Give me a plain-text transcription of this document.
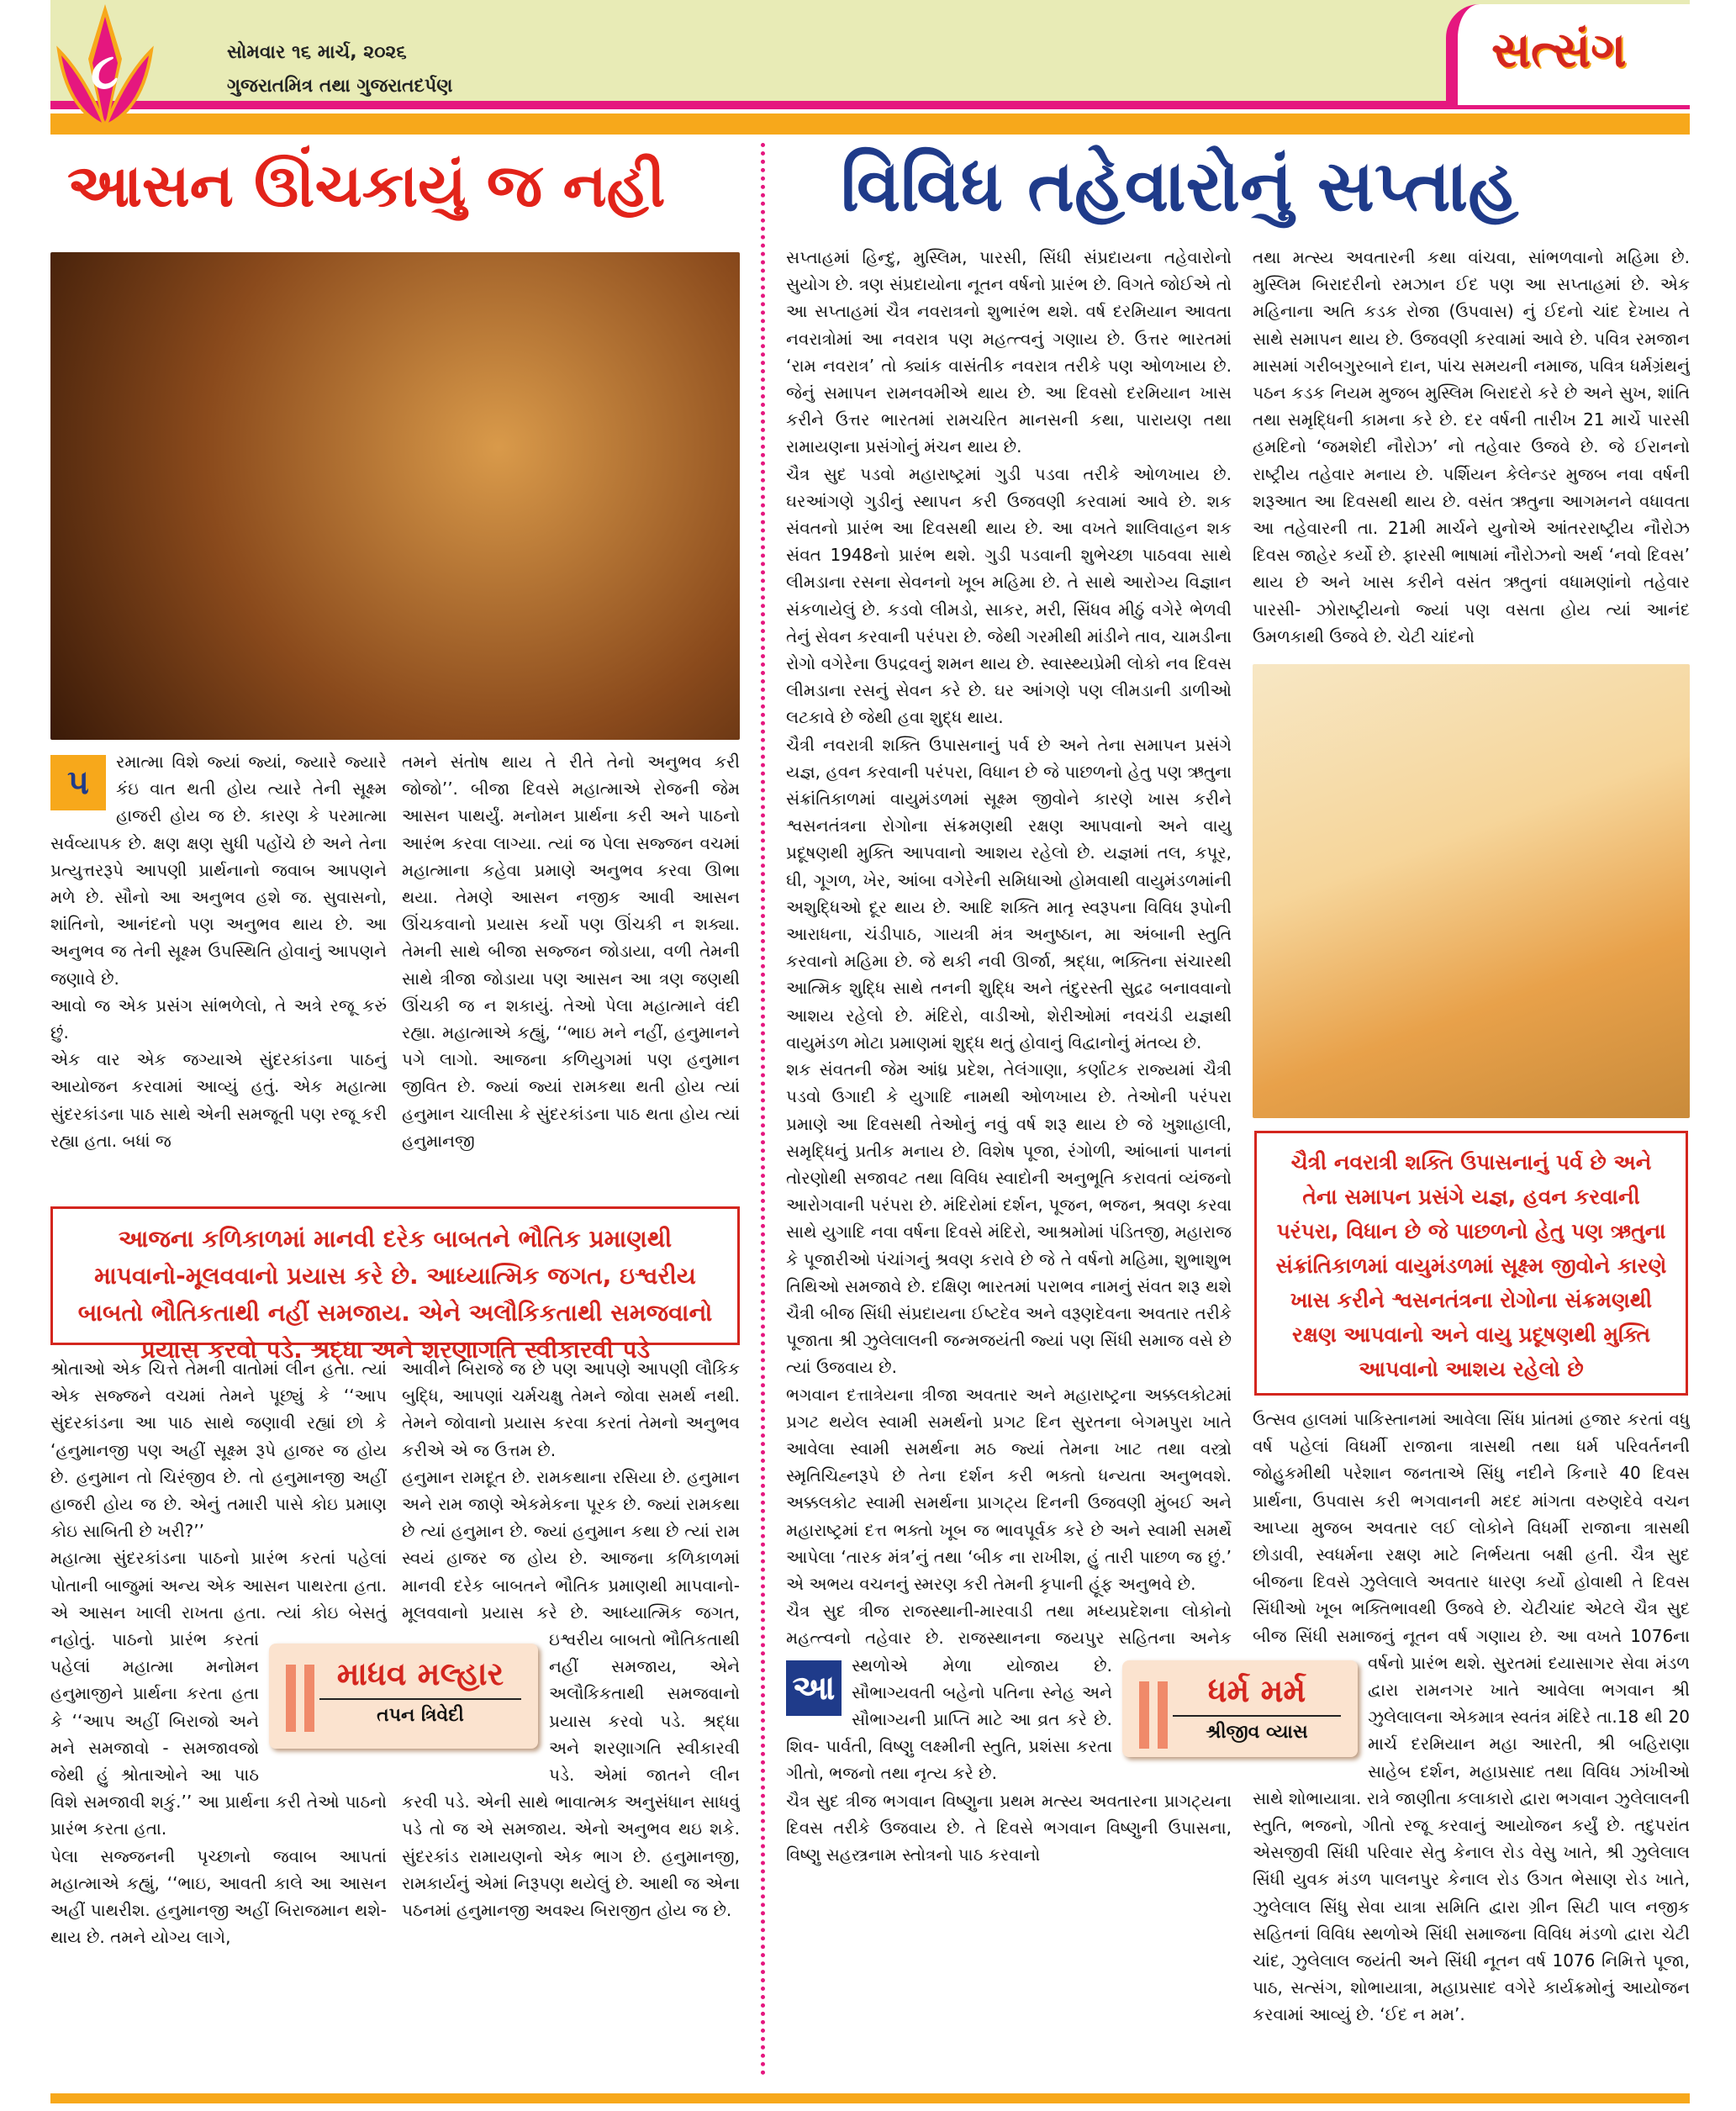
૮	સોમવાર ૧૬ માર્ચ, ૨૦૨૬
ગુજરાતમિત્ર તથા ગુજરાતદર્પણ
સત્સંગ
આસન ઊંચકાયું જ નહી
પ

રમાત્મા વિશે જ્યાં જ્યાં, જ્યારે જ્યારે કંઇ વાત થતી હોય ત્યારે તેની સૂક્ષ્મ હાજરી હોય જ છે. કારણ કે પરમાત્મા સર્વવ્યાપક છે. ક્ષણ ક્ષણ સુધી પહોંચે છે અને તેના પ્રત્યુત્તરરૂપે આપણી પ્રાર્થનાનો જવાબ આપણને મળે છે. સૌનો આ અનુભવ હશે જ. સુવાસનો, શાંતિનો, આનંદનો પણ અનુભવ થાય છે. આ અનુભવ જ તેની સૂક્ષ્મ ઉપસ્થિતિ હોવાનું આપણને જણાવે છે.

આવો જ એક પ્રસંગ સાંભળેલો, તે અત્રે રજૂ કરું છું.

એક વાર એક જગ્યાએ સુંદરકાંડના પાઠનું આયોજન કરવામાં આવ્યું હતું. એક મહાત્મા સુંદરકાંડના પાઠ સાથે એની સમજૂતી પણ રજૂ કરી રહ્યા હતા. બધાં જ

તમને સંતોષ થાય તે રીતે તેનો અનુભવ કરી જોજો’’. બીજા દિવસે મહાત્માએ રોજની જેમ આસન પાથર્યું. મનોમન પ્રાર્થના કરી અને પાઠનો આરંભ કરવા લાગ્યા. ત્યાં જ પેલા સજ્જન વચમાં મહાત્માના કહેવા પ્રમાણે અનુભવ કરવા ઊભા થયા. તેમણે આસન નજીક આવી આસન ઊંચકવાનો પ્રયાસ કર્યો પણ ઊંચકી ન શક્યા. તેમની સાથે બીજા સજ્જન જોડાયા, વળી તેમની સાથે ત્રીજા જોડાયા પણ આસન આ ત્રણ જણથી ઊંચકી જ ન શકાયું. તેઓ પેલા મહાત્માને વંદી રહ્યા. મહાત્માએ કહ્યું, ‘‘ભાઇ મને નહીં, હનુમાનને પગે લાગો. આજના કળિયુગમાં પણ હનુમાન જીવિત છે. જ્યાં જ્યાં રામકથા થતી હોય ત્યાં હનુમાન ચાલીસા કે સુંદરકાંડના પાઠ થતા હોય ત્યાં હનુમાનજી

આજના કળિકાળમાં માનવી દરેક બાબતને ભૌતિક પ્રમાણથી માપવાનો-મૂલવવાનો પ્રયાસ કરે છે. આધ્યાત્મિક જગત, ઇશ્વરીય બાબતો ભૌતિકતાથી નહીં સમજાય. એને અલૌકિકતાથી સમજવાનો પ્રયાસ કરવો પડે. શ્રદ્ધા અને શરણાગતિ સ્વીકારવી પડે

શ્રોતાઓ એક ચિત્તે તેમની વાતોમાં લીન હતા. ત્યાં એક સજ્જને વચમાં તેમને પૂછ્યું કે ‘‘આપ સુંદરકાંડના આ પાઠ સાથે જણાવી રહ્યાં છો કે ‘હનુમાનજી પણ અહીં સૂક્ષ્મ રૂપે હાજર જ હોય છે. હનુમાન તો ચિરંજીવ છે. તો હનુમાનજી અહીં હાજરી હોય જ છે. એનું તમારી પાસે કોઇ પ્રમાણ કોઇ સાબિતી છે ખરી?’’

મહાત્મા સુંદરકાંડના પાઠનો પ્રારંભ કરતાં પહેલાં પોતાની બાજુમાં અન્ય એક આસન પાથરતા હતા. એ આસન ખાલી રાખતા હતા. ત્યાં કોઇ બેસતું નહોતું. પાઠનો પ્રારંભ કરતાં પહેલાં મહાત્મા મનોમન હનુમાજીને પ્રાર્થના કરતા હતા કે ‘‘આપ અહીં બિરાજો અને મને સમજાવો - સમજાવજો જેથી હું શ્રોતાઓને આ પાઠ વિશે સમજાવી શકું.’’ આ પ્રાર્થના કરી તેઓ પાઠનો પ્રારંભ કરતા હતા.

પેલા સજ્જનની પૃચ્છાનો જવાબ આપતાં મહાત્માએ કહ્યું, ‘‘ભાઇ, આવતી કાલે આ આસન અહીં પાથરીશ. હનુમાનજી અહીં બિરાજમાન થશે- થાય છે. તમને યોગ્ય લાગે,

આવીને બિરાજે જ છે પણ આપણે આપણી લૌકિક બુદ્ધિ, આપણાં ચર્મચક્ષુ તેમને જોવા સમર્થ નથી. તેમને જોવાનો પ્રયાસ કરવા કરતાં તેમનો અનુભવ કરીએ એ જ ઉત્તમ છે.

હનુમાન રામદૂત છે. રામકથાના રસિયા છે. હનુમાન અને રામ જાણે એકમેકના પૂરક છે. જ્યાં રામકથા છે ત્યાં હનુમાન છે. જ્યાં હનુમાન કથા છે ત્યાં રામ સ્વયં હાજર જ હોય છે. આજના કળિકાળમાં માનવી દરેક બાબતને ભૌતિક પ્રમાણથી માપવાનો-મૂલવવાનો પ્રયાસ કરે છે. આધ્યાત્મિક જગત, ઇશ્વરીય બાબતો ભૌતિકતાથી નહીં સમજાય, એને અલૌકિકતાથી સમજવાનો પ્રયાસ કરવો પડે. શ્રદ્ધા અને શરણાગતિ સ્વીકારવી પડે. એમાં જાતને લીન કરવી પડે. એની સાથે ભાવાત્મક અનુસંધાન સાધવું પડે તો જ એ સમજાય. એનો અનુભવ થઇ શકે. સુંદરકાંડ રામાયણનો એક ભાગ છે. હનુમાનજી, રામકાર્યનું એમાં નિરૂપણ થયેલું છે. આથી જ એના પઠનમાં હનુમાનજી અવશ્ય બિરાજીત હોય જ છે.

માધવ મલ્હાર
તપન ત્રિવેદી
વિવિધ તહેવારોનું સપ્તાહ
આ

સપ્તાહમાં હિન્દુ, મુસ્લિમ, પારસી, સિંધી સંપ્રદાયના તહેવારોનો સુયોગ છે. ત્રણ સંપ્રદાયોના નૂતન વર્ષનો પ્રારંભ છે. વિગતે જોઈએ તો આ સપ્તાહમાં ચૈત્ર નવરાત્રનો શુભારંભ થશે. વર્ષ દરમિયાન આવતા નવરાત્રોમાં આ નવરાત્ર પણ મહત્ત્વનું ગણાય છે. ઉત્તર ભારતમાં ‘રામ નવરાત્ર’ તો ક્યાંક વાસંતીક નવરાત્ર તરીકે પણ ઓળખાય છે. જેનું સમાપન રામનવમીએ થાય છે. આ દિવસો દરમિયાન ખાસ કરીને ઉત્તર ભારતમાં રામચરિત માનસની કથા, પારાયણ તથા રામાયણના પ્રસંગોનું મંચન થાય છે.

ચૈત્ર સુદ પડવો મહારાષ્ટ્રમાં ગુડી પડવા તરીકે ઓળખાય છે. ઘરઆંગણે ગુડીનું સ્થાપન કરી ઉજવણી કરવામાં આવે છે. શક સંવતનો પ્રારંભ આ દિવસથી થાય છે. આ વખતે શાલિવાહન શક સંવત 1948નો પ્રારંભ થશે. ગુડી પડવાની શુભેચ્છા પાઠવવા સાથે લીમડાના રસના સેવનનો ખૂબ મહિમા છે. તે સાથે આરોગ્ય વિજ્ઞાન સંકળાયેલું છે. કડવો લીમડો, સાકર, મરી, સિંધવ મીઠું વગેરે ભેળવી તેનું સેવન કરવાની પરંપરા છે. જેથી ગરમીથી માંડીને તાવ, ચામડીના રોગો વગેરેના ઉપદ્રવનું શમન થાય છે. સ્વાસ્થ્યપ્રેમી લોકો નવ દિવસ લીમડાના રસનું સેવન કરે છે. ઘર આંગણે પણ લીમડાની ડાળીઓ લટકાવે છે જેથી હવા શુદ્ધ થાય.

ચૈત્રી નવરાત્રી શક્તિ ઉપાસનાનું પર્વ છે અને તેના સમાપન પ્રસંગે યજ્ઞ, હવન કરવાની પરંપરા, વિધાન છે જે પાછળનો હેતુ પણ ઋતુના સંક્રાંતિકાળમાં વાયુમંડળમાં સૂક્ષ્મ જીવોને કારણે ખાસ કરીને શ્વસનતંત્રના રોગોના સંક્રમણથી રક્ષણ આપવાનો અને વાયુ પ્રદૂષણથી મુક્તિ આપવાનો આશય રહેલો છે. યજ્ઞમાં તલ, કપૂર, ઘી, ગૂગળ, ખેર, આંબા વગેરેની સમિધાઓ હોમવાથી વાયુમંડળમાંની અશુદ્ધિઓ દૂર થાય છે. આદિ શક્તિ માતૃ સ્વરૂપના વિવિધ રૂપોની આરાધના, ચંડીપાઠ, ગાયત્રી મંત્ર અનુષ્ઠાન, મા અંબાની સ્તુતિ કરવાનો મહિમા છે. જે થકી નવી ઊર્જા, શ્રદ્ધા, ભક્તિના સંચારથી આત્મિક શુદ્ધિ સાથે તનની શુદ્ધિ અને તંદુરસ્તી સુદ્રઢ બનાવવાનો આશય રહેલો છે. મંદિરો, વાડીઓ, શેરીઓમાં નવચંડી યજ્ઞથી વાયુમંડળ મોટા પ્રમાણમાં શુદ્ધ થતું હોવાનું વિદ્વાનોનું મંતવ્ય છે.

શક સંવતની જેમ આંધ્ર પ્રદેશ, તેલંગાણા, કર્ણાટક રાજ્યમાં ચૈત્રી પડવો ઉગાદી કે યુગાદિ નામથી ઓળખાય છે. તેઓની પરંપરા પ્રમાણે આ દિવસથી તેઓનું નવું વર્ષ શરૂ થાય છે જે ખુશાહાલી, સમૃદ્ધિનું પ્રતીક મનાય છે. વિશેષ પૂજા, રંગોળી, આંબાનાં પાનનાં તોરણોથી સજાવટ તથા વિવિધ સ્વાદોની અનુભૂતિ કરાવતાં વ્યંજનો આરોગવાની પરંપરા છે. મંદિરોમાં દર્શન, પૂજન, ભજન, શ્રવણ કરવા સાથે યુગાદિ નવા વર્ષના દિવસે મંદિરો, આશ્રમોમાં પંડિતજી, મહારાજ કે પૂજારીઓ પંચાંગનું શ્રવણ કરાવે છે જે તે વર્ષનો મહિમા, શુભાશુભ તિથિઓ સમજાવે છે. દક્ષિણ ભારતમાં પરાભવ નામનું સંવત શરૂ થશે ચૈત્રી બીજ સિંધી સંપ્રદાયના ઈષ્ટદેવ અને વરૂણદેવના અવતાર તરીકે પૂજાતા શ્રી ઝુલેલાલની જન્મજયંતી જ્યાં પણ સિંધી સમાજ વસે છે ત્યાં ઉજવાય છે.

ભગવાન દત્તાત્રેયના ત્રીજા અવતાર અને મહારાષ્ટ્રના અક્કલકોટમાં પ્રગટ થયેલ સ્વામી સમર્થનો પ્રગટ દિન સુરતના બેગમપુરા ખાતે આવેલા સ્વામી સમર્થના મઠ જ્યાં તેમના ખાટ તથા વસ્ત્રો સ્મૃતિચિહ્નરૂપે છે તેના દર્શન કરી ભક્તો ધન્યતા અનુભવશે. અક્કલકોટ સ્વામી સમર્થના પ્રાગટ્ય દિનની ઉજવણી મુંબઈ અને મહારાષ્ટ્રમાં દત્ત ભક્તો ખૂબ જ ભાવપૂર્વક કરે છે અને સ્વામી સમર્થે આપેલા ‘તારક મંત્ર’નું તથા ‘બીક ના રાખીશ, હું તારી પાછળ જ છું.’ એ અભય વચનનું સ્મરણ કરી તેમની કૃપાની હૂંફ અનુભવે છે.

ચૈત્ર સુદ ત્રીજ રાજસ્થાની-મારવાડી તથા મધ્યપ્રદેશના લોકોનો મહત્ત્વનો તહેવાર છે. રાજસ્થાનના જયપુર સહિતના અનેક સ્થળોએ મેળા યોજાય છે. સૌભાગ્યવતી બહેનો પતિના સ્નેહ અને સૌભાગ્યની પ્રાપ્તિ માટે આ વ્રત કરે છે. શિવ- પાર્વતી, વિષ્ણુ લક્ષ્મીની સ્તુતિ, પ્રશંસા કરતા ગીતો, ભજનો તથા નૃત્ય કરે છે.

ચૈત્ર સુદ ત્રીજ ભગવાન વિષ્ણુના પ્રથમ મત્સ્ય અવતારના પ્રાગટ્યના દિવસ તરીકે ઉજવાય છે. તે દિવસે ભગવાન વિષ્ણુની ઉપાસના, વિષ્ણુ સહસ્ત્રનામ સ્તોત્રનો પાઠ કરવાનો

તથા મત્સ્ય અવતારની કથા વાંચવા, સાંભળવાનો મહિમા છે. મુસ્લિમ બિરાદરીનો રમઝાન ઈદ પણ આ સપ્તાહમાં છે. એક મહિનાના અતિ કડક રોજા (ઉપવાસ) નું ઈદનો ચાંદ દેખાય તે સાથે સમાપન થાય છે. ઉજવણી કરવામાં આવે છે. પવિત્ર રમજાન માસમાં ગરીબગુરબાને દાન, પાંચ સમયની નમાજ, પવિત્ર ધર્મગ્રંથનું પઠન કડક નિયમ મુજબ મુસ્લિમ બિરાદરો કરે છે અને સુખ, શાંતિ તથા સમૃદ્ધિની કામના કરે છે. દર વર્ષની તારીખ 21 માર્ચે પારસી હમદિનો ‘જમશેદી નૌરોઝ’ નો તહેવાર ઉજવે છે. જે ઈરાનનો રાષ્ટ્રીય તહેવાર મનાય છે. પર્શિયન કેલેન્ડર મુજબ નવા વર્ષની શરૂઆત આ દિવસથી થાય છે. વસંત ઋતુના આગમનને વધાવતા આ તહેવારની તા. 21મી માર્ચને યુનોએ આંતરરાષ્ટ્રીય નૌરોઝ દિવસ જાહેર કર્યો છે. ફારસી ભાષામાં નૌરોઝનો અર્થ ‘નવો દિવસ’ થાય છે અને ખાસ કરીને વસંત ઋતુનાં વધામણાંનો તહેવાર પારસી- ઝોરાષ્ટ્રીયનો જ્યાં પણ વસતા હોય ત્યાં આનંદ ઉમળકાથી ઉજવે છે. ચેટી ચાંદનો

ચૈત્રી નવરાત્રી શક્તિ ઉપાસનાનું પર્વ છે અને તેના સમાપન પ્રસંગે યજ્ઞ, હવન કરવાની પરંપરા, વિધાન છે જે પાછળનો હેતુ પણ ઋતુના સંક્રાંતિકાળમાં વાયુમંડળમાં સૂક્ષ્મ જીવોને કારણે ખાસ કરીને શ્વસનતંત્રના રોગોના સંક્રમણથી રક્ષણ આપવાનો અને વાયુ પ્રદૂષણથી મુક્તિ આપવાનો આશય રહેલો છે

ઉત્સવ હાલમાં પાકિસ્તાનમાં આવેલા સિંધ પ્રાંતમાં હજાર કરતાં વધુ વર્ષ પહેલાં વિધર્મી રાજાના ત્રાસથી તથા ધર્મ પરિવર્તનની જોહુકમીથી પરેશાન જનતાએ સિંધુ નદીને કિનારે 40 દિવસ પ્રાર્થના, ઉપવાસ કરી ભગવાનની મદદ માંગતા વરુણદેવે વચન આપ્યા મુજબ અવતાર લઈ લોકોને વિધર્મી રાજાના ત્રાસથી છોડાવી, સ્વધર્મના રક્ષણ માટે નિર્ભયતા બક્ષી હતી. ચૈત્ર સુદ બીજના દિવસે ઝુલેલાલે અવતાર ધારણ કર્યો હોવાથી તે દિવસ સિંધીઓ ખૂબ ભક્તિભાવથી ઉજવે છે. ચેટીચાંદ એટલે ચૈત્ર સુદ બીજ સિંધી સમાજનું નૂતન વર્ષ ગણાય છે. આ વખતે 1076ના વર્ષનો પ્રારંભ થશે. સુરતમાં દયાસાગર સેવા મંડળ દ્વારા રામનગર ખાતે આવેલા ભગવાન શ્રી ઝુલેલાલના એકમાત્ર સ્વતંત્ર મંદિરે તા.18 થી 20 માર્ચ દરમિયાન મહા આરતી, શ્રી બહિરાણા સાહેબ દર્શન, મહાપ્રસાદ તથા વિવિધ ઝાંખીઓ સાથે શોભાયાત્રા. રાત્રે જાણીતા કલાકારો દ્વારા ભગવાન ઝુલેલાલની સ્તુતિ, ભજનો, ગીતો રજૂ કરવાનું આયોજન કર્યું છે. તદુપરાંત એસજીવી સિંધી પરિવાર સેતુ કેનાલ રોડ વેસુ ખાતે, શ્રી ઝુલેલાલ સિંધી યુવક મંડળ પાલનપુર કેનાલ રોડ ઉગત ભેસાણ રોડ ખાતે, ઝુલેલાલ સિંધુ સેવા યાત્રા સમિતિ દ્વારા ગ્રીન સિટી પાલ નજીક સહિતનાં વિવિધ સ્થળોએ સિંધી સમાજના વિવિધ મંડળો દ્વારા ચેટી ચાંદ, ઝુલેલાલ જયંતી અને સિંધી નૂતન વર્ષ 1076 નિમિત્તે પૂજા, પાઠ, સત્સંગ, શોભાયાત્રા, મહાપ્રસાદ વગેરે કાર્યક્રમોનું આયોજન કરવામાં આવ્યું છે. ‘ઈદ ન મમ’.

ધર્મ મર્મ
શ્રીજીવ વ્યાસ
